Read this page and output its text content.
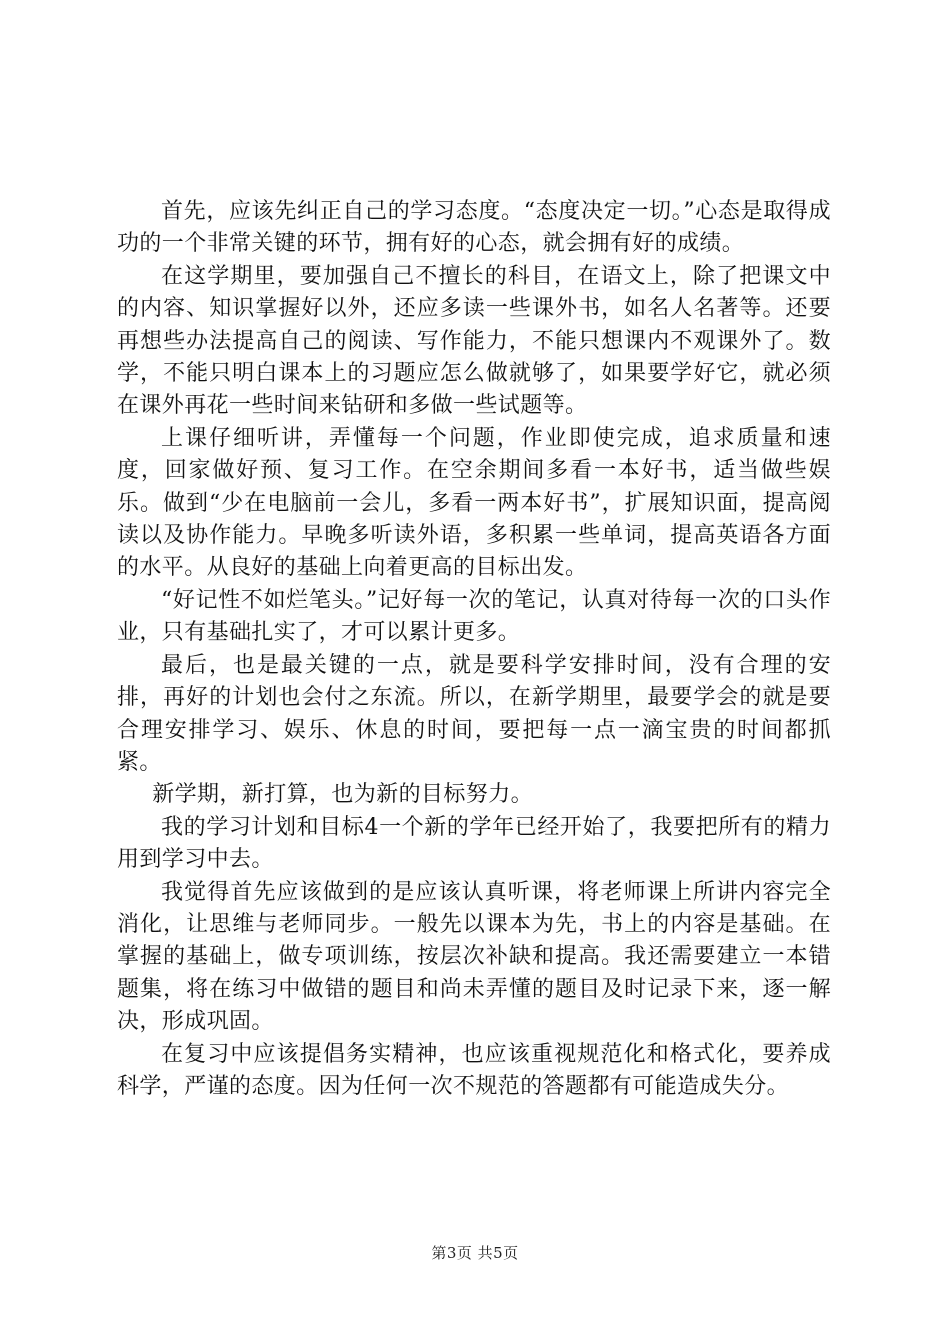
首先，应该先纠正自己的学习态度。“态度决定一切。”心态是取得成功的一个非常关键的环节，拥有好的心态，就会拥有好的成绩。

在这学期里，要加强自己不擅长的科目，在语文上，除了把课文中的内容、知识掌握好以外，还应多读一些课外书，如名人名著等。还要再想些办法提高自己的阅读、写作能力，不能只想课内不观课外了。数学，不能只明白课本上的习题应怎么做就够了，如果要学好它，就必须在课外再花一些时间来钻研和多做一些试题等。

上课仔细听讲，弄懂每一个问题，作业即使完成，追求质量和速度，回家做好预、复习工作。在空余期间多看一本好书，适当做些娱乐。做到“少在电脑前一会儿，多看一两本好书”，扩展知识面，提高阅读以及协作能力。早晚多听读外语，多积累一些单词，提高英语各方面的水平。从良好的基础上向着更高的目标出发。

“好记性不如烂笔头。”记好每一次的笔记，认真对待每一次的口头作业，只有基础扎实了，才可以累计更多。

最后，也是最关键的一点，就是要科学安排时间，没有合理的安排，再好的计划也会付之东流。所以，在新学期里，最要学会的就是要合理安排学习、娱乐、休息的时间，要把每一点一滴宝贵的时间都抓紧。

新学期，新打算，也为新的目标努力。

我的学习计划和目标4一个新的学年已经开始了，我要把所有的精力用到学习中去。

我觉得首先应该做到的是应该认真听课，将老师课上所讲内容完全消化，让思维与老师同步。一般先以课本为先，书上的内容是基础。在掌握的基础上，做专项训练，按层次补缺和提高。我还需要建立一本错题集，将在练习中做错的题目和尚未弄懂的题目及时记录下来，逐一解决，形成巩固。

在复习中应该提倡务实精神，也应该重视规范化和格式化，要养成科学，严谨的态度。因为任何一次不规范的答题都有可能造成失分。

第3页 共5页
